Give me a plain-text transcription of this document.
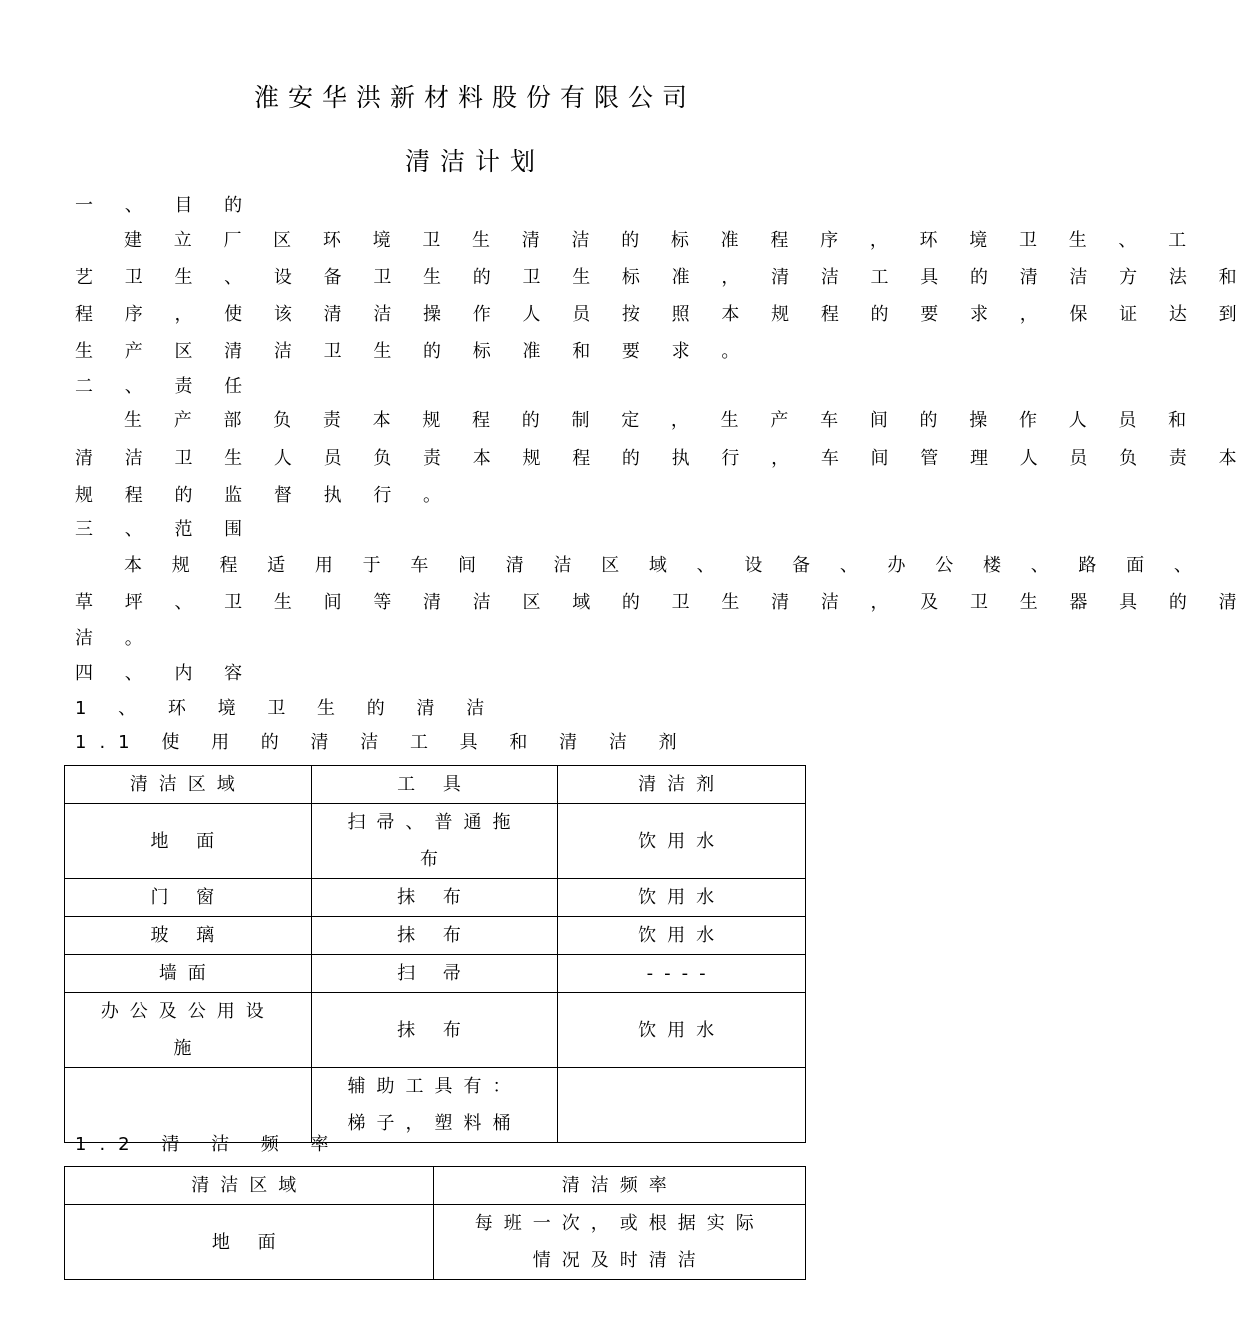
淮安华洪新材料股份有限公司
清洁计划
一 、 目 的
建 立 厂 区 环 境 卫 生 清 洁 的 标 准 程 序 ， 环 境 卫 生 、 工
艺 卫 生 、 设 备 卫 生 的 卫 生 标 准 ， 清 洁 工 具 的 清 洁 方 法 和
程 序 ， 使 该 清 洁 操 作 人 员 按 照 本 规 程 的 要 求 ， 保 证 达 到
生 产 区 清 洁 卫 生 的 标 准 和 要 求 。
二 、 责 任
生 产 部 负 责 本 规 程 的 制 定 ， 生 产 车 间 的 操 作 人 员 和
清 洁 卫 生 人 员 负 责 本 规 程 的 执 行 ， 车 间 管 理 人 员 负 责 本
规 程 的 监 督 执 行 。
三 、 范 围
本 规 程 适 用 于 车 间 清 洁 区 域 、 设 备 、 办 公 楼 、 路 面 、
草 坪 、 卫 生 间 等 清 洁 区 域 的 卫 生 清 洁 ， 及 卫 生 器 具 的 清
洁 。
四 、 内 容
1 、 环 境 卫 生 的 清 洁
1.1 使 用 的 清 洁 工 具 和 清 洁 剂
清洁区域	工 具	清洁剂
地 面	扫帚、普通拖
布	饮用水
门 窗	抹 布	饮用水
玻 璃	抹 布	饮用水
墙面	扫 帚	----

办公及公用设
施	抹 布	饮用水

	辅助工具有：
梯子，塑料桶	

1.2 清 洁 频 率
清洁区域	清洁频率
地 面	每班一次，或根据实际
情况及时清洁
